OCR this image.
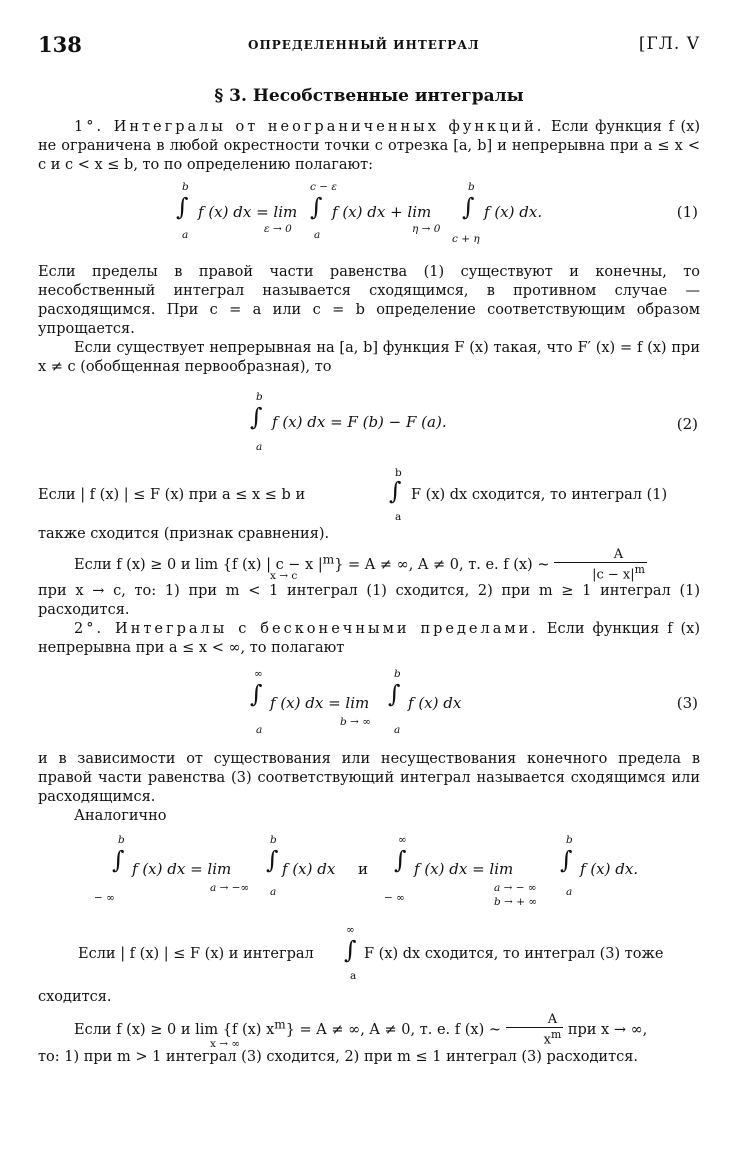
138	ОПРЕДЕЛЕННЫЙ ИНТЕГРАЛ	[ГЛ. V
§ 3. Несобственные интегралы

1°. Интегралы от неограниченных функций. Если функция f (x) не ограничена в любой окрестности точки c отрезка [a, b] и непрерывна при a ≤ x < c и c < x ≤ b, то по определению полагают:

b
∫
a
f (x) dx = lim
ε → 0
c − ε
∫
a
f (x) dx + lim
η → 0
b
∫
c + η
f (x) dx.	(1)

Если пределы в правой части равенства (1) существуют и конечны, то несобственный интеграл называется сходящимся, в противном случае — расходящимся. При c = a или c = b определение соответствующим образом упрощается.

Если существует непрерывная на [a, b] функция F (x) такая, что F′ (x) = f (x) при x ≠ c (обобщенная первообразная), то

b
∫
a
f (x) dx = F (b) − F (a).	(2)
Если | f (x) | ≤ F (x) при a ≤ x ≤ b и
b
∫
a
F (x) dx сходится, то интеграл (1)

также сходится (признак сравнения).

Если f (x) ≥ 0 и lim {f (x) | c − x $|^m\} = A$ ≠ ∞, A ≠ 0, т. е. f (x) ~ $\frac{A}{|c - x|^m}$

x → c

при x → c, то: 1) при m < 1 интеграл (1) сходится, 2) при m ≥ 1 интеграл (1) расходится.

2°. Интегралы с бесконечными пределами. Если функция f (x) непрерывна при a ≤ x < ∞, то полагают

∞
∫
a
f (x) dx = lim
b → ∞
b
∫
a
f (x) dx	(3)

и в зависимости от существования или несуществования конечного предела в правой части равенства (3) соответствующий интеграл называется сходящимся или расходящимся.

Аналогично

b
∫
− ∞
f (x) dx = lim
a → −∞
b
∫
a
f (x) dx и
∞
∫
− ∞
f (x) dx = lim
a → − ∞
b → + ∞
b
∫
a
f (x) dx.
Если | f (x) | ≤ F (x) и интеграл
∞
∫
a
F (x) dx сходится, то интеграл (3) тоже

сходится.

Если f (x) ≥ 0 и lim {f (x) $x^m\} = A$ ≠ ∞, A ≠ 0, т. е. f (x) ~ $\frac{A}{x^m}$ при x → ∞,

x → ∞

то: 1) при m > 1 интеграл (3) сходится, 2) при m ≤ 1 интеграл (3) расходится.
